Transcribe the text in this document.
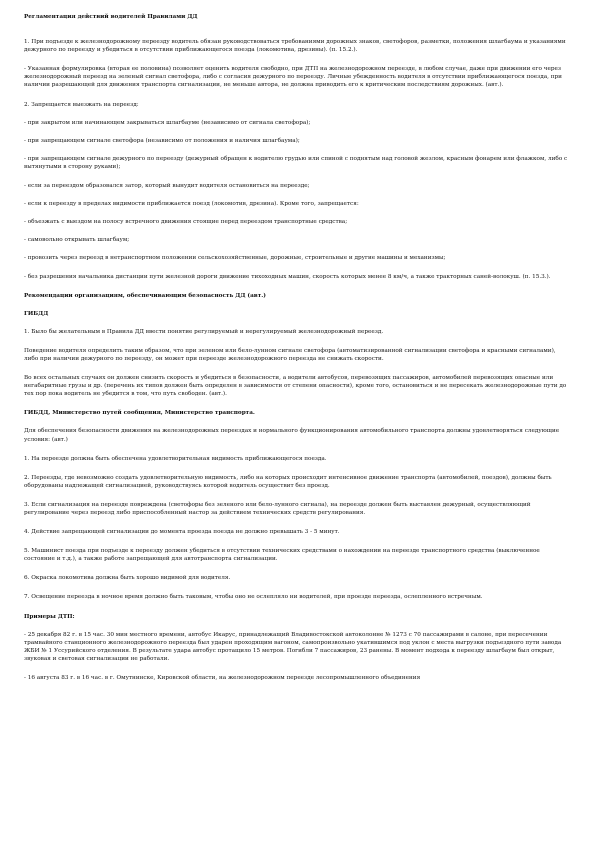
Регламентация действий водителей Правилами ДД
1. При подъезде к железнодорожному переезду водитель обязан руководствоваться требованиями дорожных знаков, светофоров, разметки, положения шлагбаума и указаниями дежурного по переезду и убедиться в отсутствии приближающегося поезда (локомотива, дрезины). (п. 15.2.).
- Указанная формулировка (вторая ее половина) позволяет оценить водителя свободно, при ДТП на железнодорожном переезде, в любом случае, даже при движении его через железнодорожный переезд на зеленый сигнал светофора, либо с согласия дежурного по переезду. Личные убежденность водителя в отсутствии приближающегося поезда, при наличии разрешающей для движения транспорта сигнализации, не меньше автора, не должна приводить его к критическим последствиям дорожных. (авт.).
2. Запрещается выезжать на переезд:
- при закрытом или начинающем закрываться шлагбауме (независимо от сигнала светофора);
- при запрещающем сигнале светофора (независимо от положения и наличия шлагбаума);
- при запрещающем сигнале дежурного по переезду (дежурный обращен к водителю грудью или спиной с поднятым над головой жезлом, красным фонарем или флажком, либо с вытянутыми в сторону руками);
- если за переездом образовался затор, который вынудит водителя остановиться на переезде;
- если к переезду в пределах видимости приближается поезд (локомотив, дрезина). Кроме того, запрещается:
- объезжать с выездом на полосу встречного движения стоящие перед переездом транспортные средства;
- самовольно открывать шлагбаум;
- провозить через переезд в нетранспортном положении сельскохозяйственные, дорожные, строительные и другие машины и механизмы;
- без разрешения начальника дистанции пути железной дороги движение тихоходных машин, скорость которых менее 8 км/ч, а также тракторных саней-волокуш. (п. 15.3.).
Рекомендации организациям, обеспечивающим безопасность ДД (авт.)
ГИБДД
1. Было бы желательным в Правила ДД ввести понятие регулируемый и нерегулируемый железнодорожный переезд.
Поведение водителя определить таким образом, что при зеленом или бело-лунном сигнале светофора (автоматизированной сигнализации светофора и красными сигналами), либо при наличии дежурного по переезду, он может при переезде железнодорожного переезда не снижать скорости.
Во всех остальных случаях он должен снизить скорость и убедиться в безопасности, а водители автобусов, перевозящих пассажиров, автомобилей перевозящих опасные или негабаритные грузы и др. (перечень их типов должен быть определен в зависимости от степени опасности), кроме того, остановиться и не пересекать железнодорожные пути до тех пор пока водитель не убедится в том, что путь свободен. (авт.).
ГИБДД, Министерство путей сообщения, Министерство транспорта.
Для обеспечения безопасности движения на железнодорожных переездах и нормального функционирования автомобильного транспорта должны удовлетворяться следующие условия: (авт.)
1. На переезде должна быть обеспечена удовлетворительная видимость приближающегося поезда.
2. Переезды, где невозможно создать удовлетворительную видимость, либо на которых происходит интенсивное движение транспорта (автомобилей, поездов), должны быть оборудованы надлежащей сигнализацией, руководствуясь которой водитель осуществит без проезд.
3. Если сигнализация на переезде повреждена (светофоры без зеленого или бело-лунного сигнала), на переезде должен быть выставлен дежурный, осуществляющий регулирование через переезд либо приспособленный настор за действием технических средств регулирования.
4. Действие запрещающей сигнализации до момента проезда поезда не должно превышать 3 - 5 минут.
5. Машинист поезда при подъезде к переезду должен убедиться в отсутствии технических средствами о нахождении на переезде транспортного средства (выключенное состояние и т.д.), а также работе запрещающей для автотранспорта сигнализации.
6. Окраска локомотива должна быть хорошо видимой для водителя.
7. Освещение переезда в ночное время должно быть таковым, чтобы оно не ослепляло ни водителей, при проезде переезда, ослепленного встречным.
Примеры ДТП:
- 25 декабря 82 г. в 15 час. 30 мин местного времени, автобус Икарус, принадлежащий Владивостокской автоколонне № 1273 с 70 пассажирами в салоне, при пересечении трамвайного станционного железнодорожного переезда был ударен проходящим вагоном, самопроизвольно укатившимся под уклон с места выгрузки подъездного пути завода ЖБИ № 1 Уссурийского отделения. В результате удара автобус протащило 15 метров. Погибли 7 пассажиров, 23 ранены. В момент подхода к переезду шлагбаум был открыт, звуковая и световая сигнализации не работали.
- 16 августа 83 г. в 16 час. в г. Омутнинске, Кировской области, на железнодорожном переезде лесопромышленного объединения
